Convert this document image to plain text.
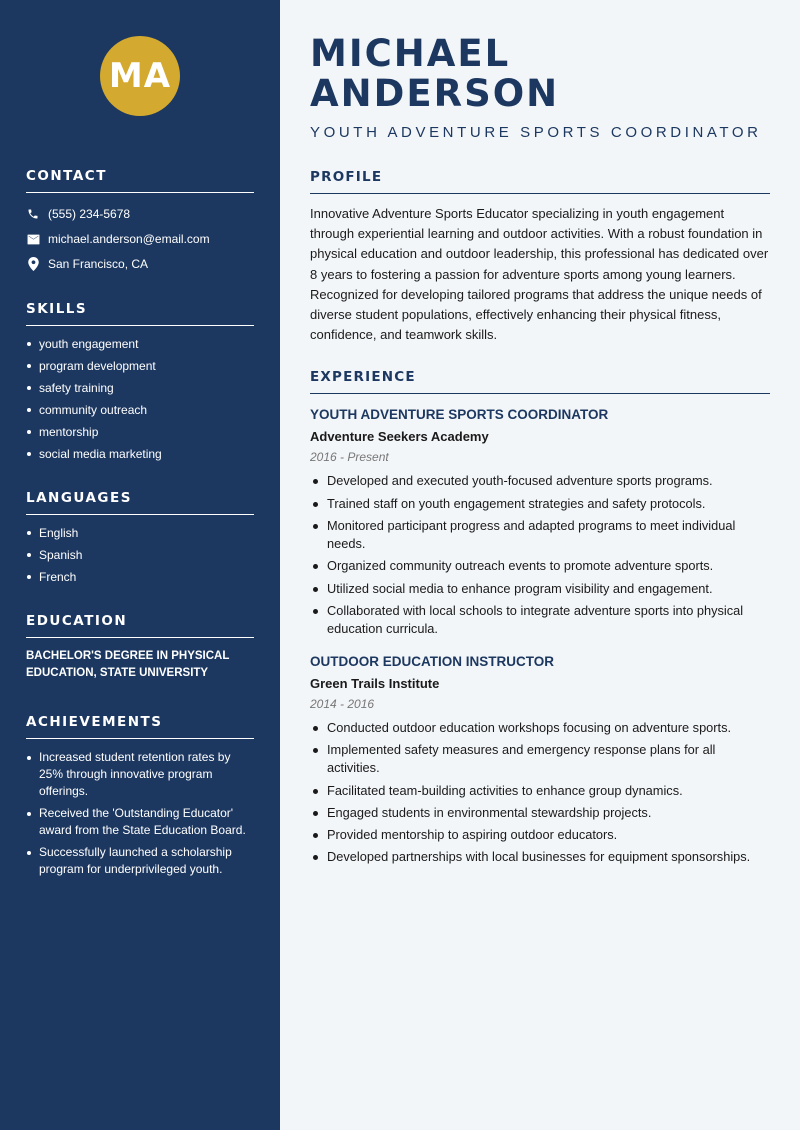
MA
CONTACT
(555) 234-5678
michael.anderson@email.com
San Francisco, CA
SKILLS
youth engagement
program development
safety training
community outreach
mentorship
social media marketing
LANGUAGES
English
Spanish
French
EDUCATION
BACHELOR'S DEGREE IN PHYSICAL EDUCATION, STATE UNIVERSITY
ACHIEVEMENTS
Increased student retention rates by 25% through innovative program offerings.
Received the 'Outstanding Educator' award from the State Education Board.
Successfully launched a scholarship program for underprivileged youth.
MICHAEL ANDERSON
YOUTH ADVENTURE SPORTS COORDINATOR
PROFILE

Innovative Adventure Sports Educator specializing in youth engagement through experiential learning and outdoor activities. With a robust foundation in physical education and outdoor leadership, this professional has dedicated over 8 years to fostering a passion for adventure sports among young learners. Recognized for developing tailored programs that address the unique needs of diverse student populations, effectively enhancing their physical fitness, confidence, and teamwork skills.

EXPERIENCE
YOUTH ADVENTURE SPORTS COORDINATOR
Adventure Seekers Academy
2016 - Present
Developed and executed youth-focused adventure sports programs.
Trained staff on youth engagement strategies and safety protocols.
Monitored participant progress and adapted programs to meet individual needs.
Organized community outreach events to promote adventure sports.
Utilized social media to enhance program visibility and engagement.
Collaborated with local schools to integrate adventure sports into physical education curricula.
OUTDOOR EDUCATION INSTRUCTOR
Green Trails Institute
2014 - 2016
Conducted outdoor education workshops focusing on adventure sports.
Implemented safety measures and emergency response plans for all activities.
Facilitated team-building activities to enhance group dynamics.
Engaged students in environmental stewardship projects.
Provided mentorship to aspiring outdoor educators.
Developed partnerships with local businesses for equipment sponsorships.
